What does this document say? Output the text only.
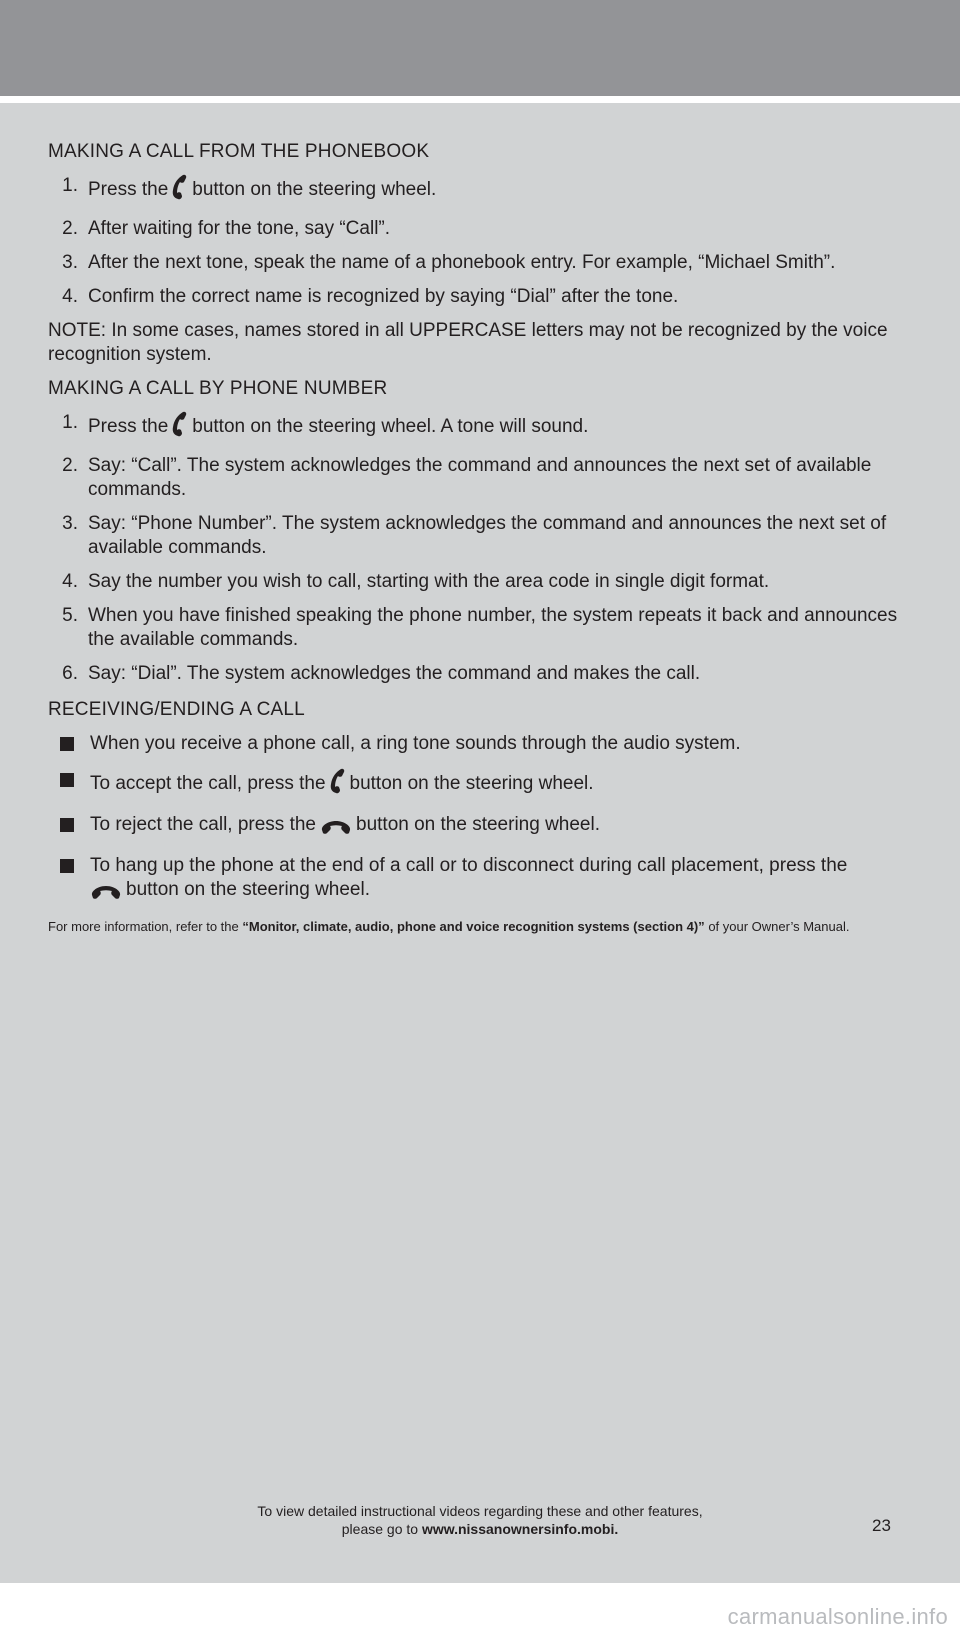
MAKING A CALL FROM THE PHONEBOOK
1. Press the button on the steering wheel.
2. After waiting for the tone, say “Call”.
3. After the next tone, speak the name of a phonebook entry. For example, “Michael Smith”.
4. Confirm the correct name is recognized by saying “Dial” after the tone.
NOTE: In some cases, names stored in all UPPERCASE letters may not be recognized by the voice recognition system.
MAKING A CALL BY PHONE NUMBER
1. Press the button on the steering wheel. A tone will sound.
2. Say: “Call”. The system acknowledges the command and announces the next set of available commands.
3. Say: “Phone Number”. The system acknowledges the command and announces the next set of available commands.
4. Say the number you wish to call, starting with the area code in single digit format.
5. When you have finished speaking the phone number, the system repeats it back and announces the available commands.
6. Say: “Dial”. The system acknowledges the command and makes the call.
RECEIVING/ENDING A CALL
When you receive a phone call, a ring tone sounds through the audio system.
To accept the call, press the button on the steering wheel.
To reject the call, press the button on the steering wheel.
To hang up the phone at the end of a call or to disconnect during call placement, press the
button on the steering wheel.
For more information, refer to the “Monitor, climate, audio, phone and voice recognition systems (section 4)” of your Owner’s Manual.
To view detailed instructional videos regarding these and other features,
please go to www.nissanownersinfo.mobi.	23
carmanualsonline.info
